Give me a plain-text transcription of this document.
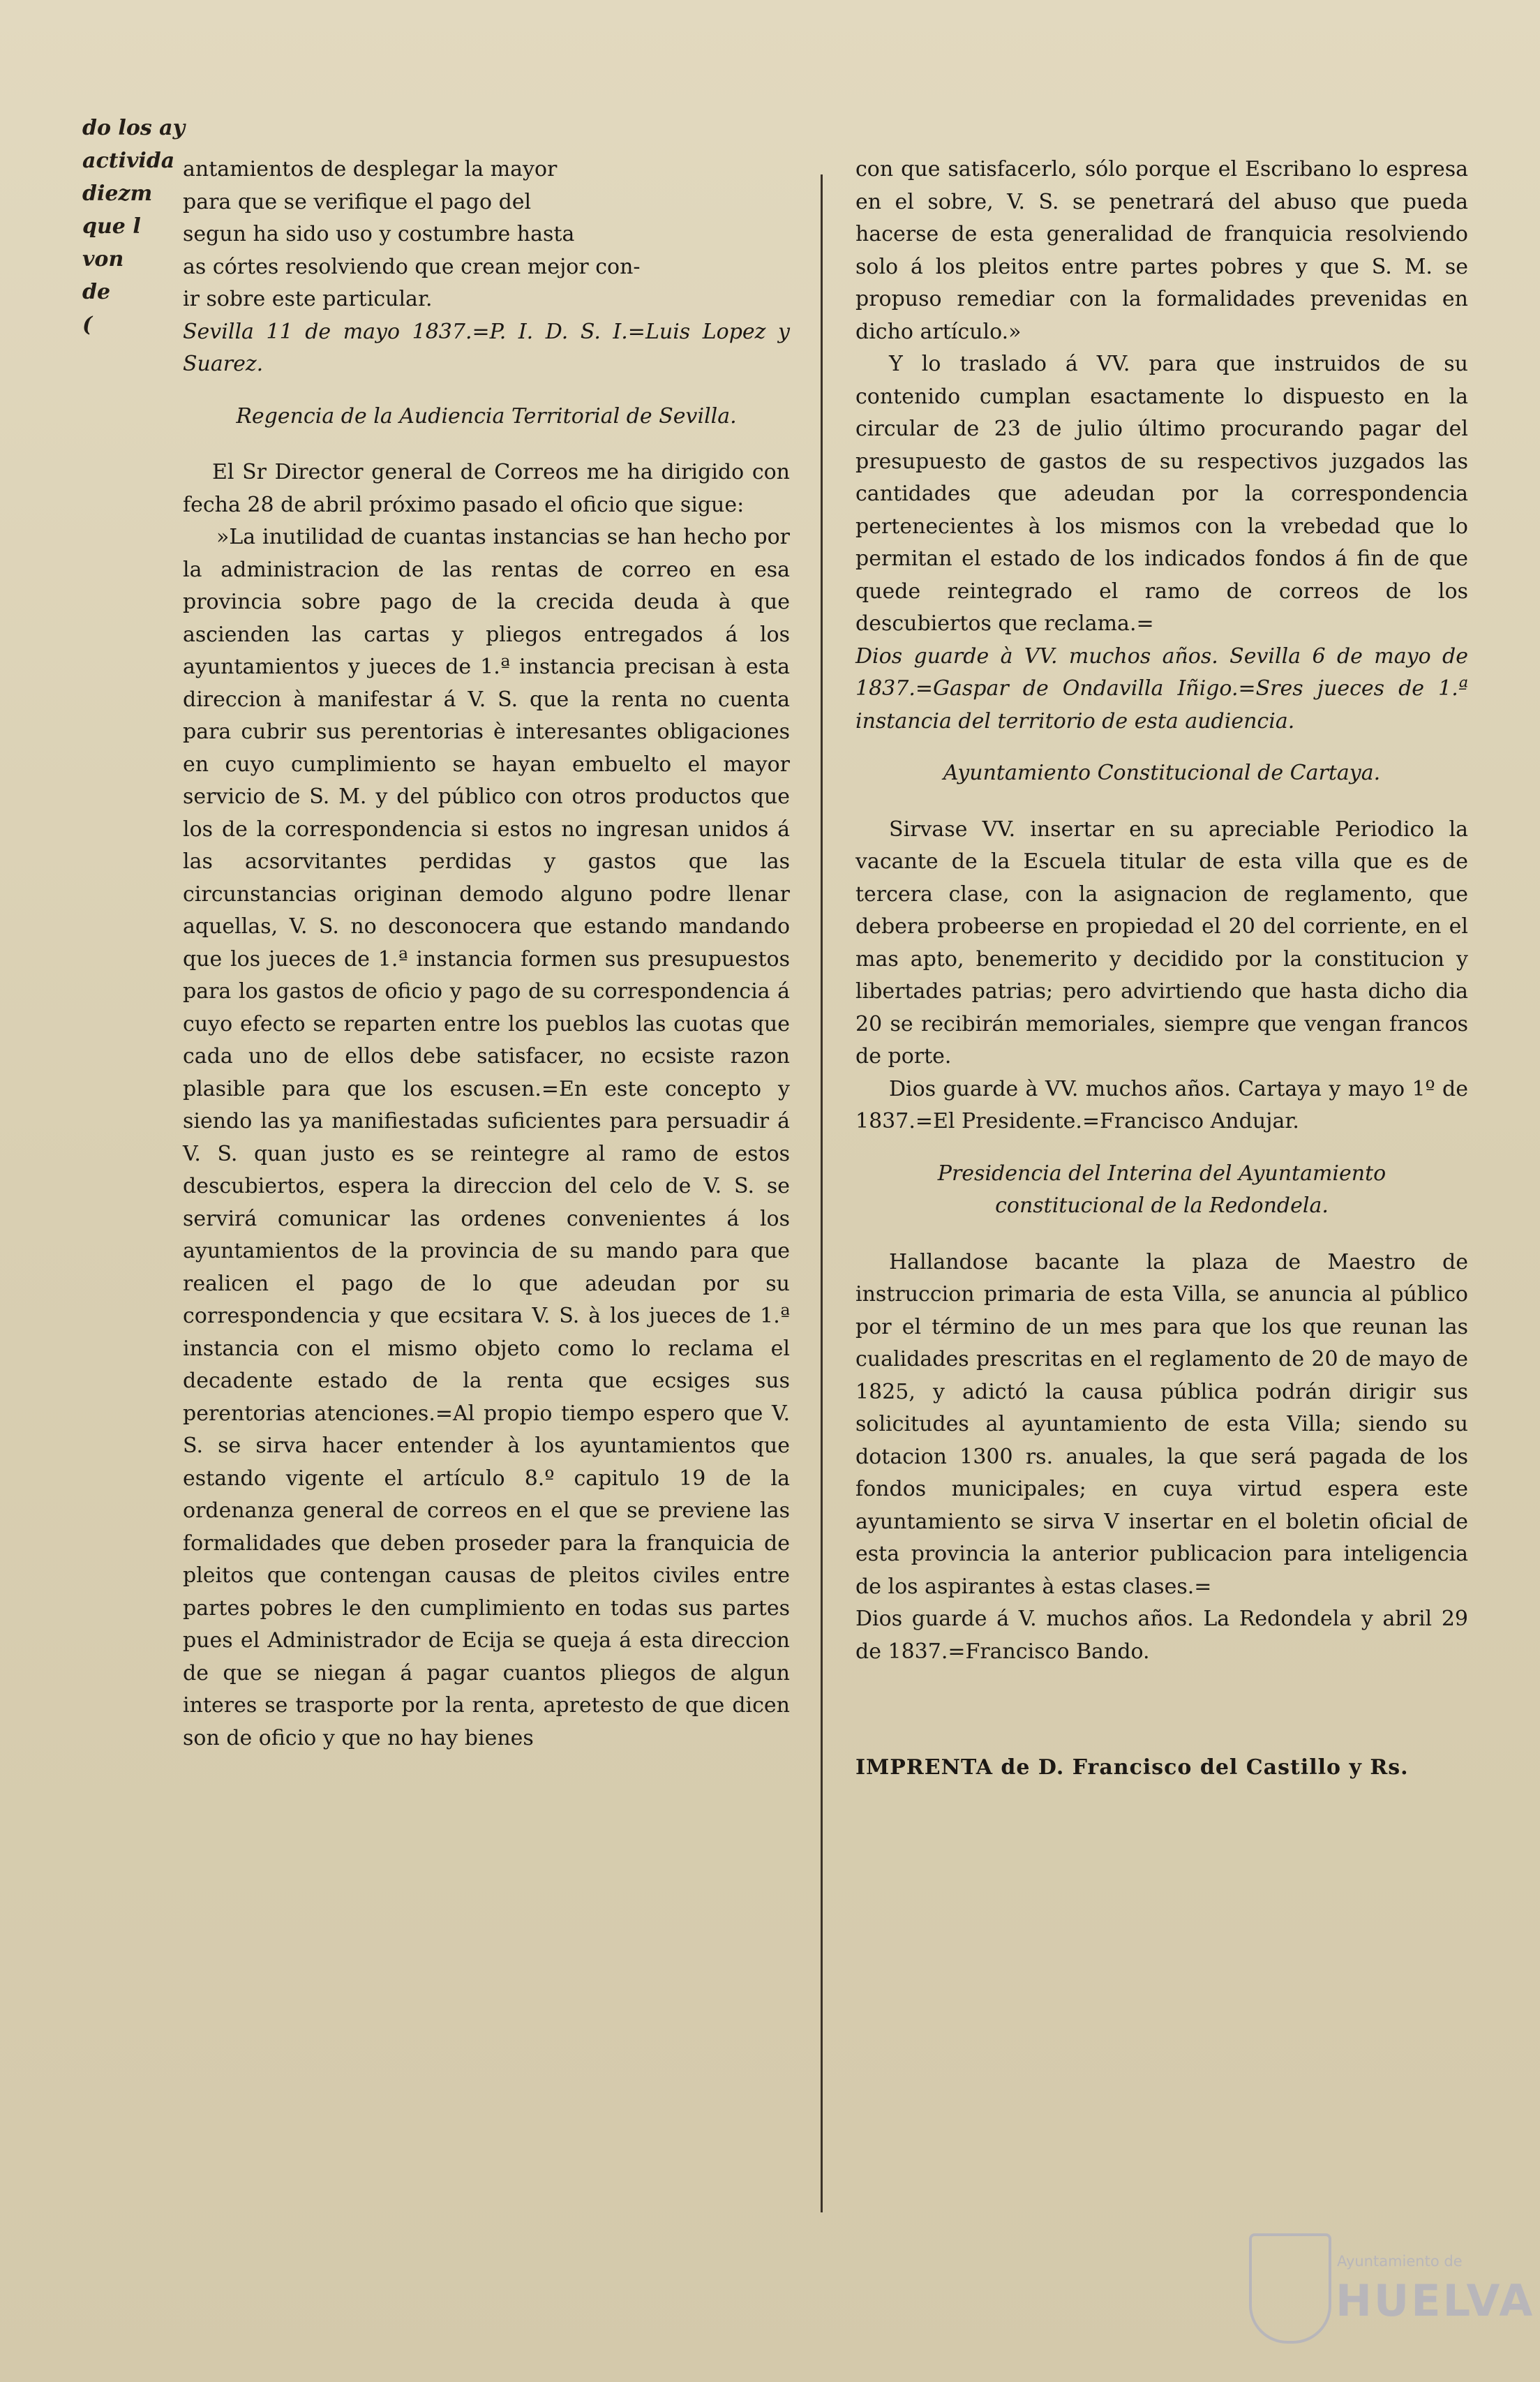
do los ay
activida
diezm
que l
von
de
(

antamientos de desplegar la mayor

para que se verifique el pago del

segun ha sido uso y costumbre hasta

as córtes resolviendo que crean mejor con-

ir sobre este particular.

Sevilla 11 de mayo 1837.=P. I. D. S. I.=Luis Lopez y Suarez.

Regencia de la Audiencia Territorial de Sevilla.

El Sr Director general de Correos me ha dirigido con fecha 28 de abril próximo pasado el oficio que sigue:

»La inutilidad de cuantas instancias se han hecho por la administracion de las rentas de correo en esa provincia sobre pago de la crecida deuda à que ascienden las cartas y pliegos entregados á los ayuntamientos y jueces de 1.ª instancia precisan à esta direccion à manifestar á V. S. que la renta no cuenta para cubrir sus perentorias è interesantes obligaciones en cuyo cumplimiento se hayan embuelto el mayor servicio de S. M. y del público con otros productos que los de la correspondencia si estos no ingresan unidos á las acsorvitantes perdidas y gastos que las circunstancias originan demodo alguno podre llenar aquellas, V. S. no desconocera que estando mandando que los jueces de 1.ª instancia formen sus presupuestos para los gastos de oficio y pago de su correspondencia á cuyo efecto se reparten entre los pueblos las cuotas que cada uno de ellos debe satisfacer, no ecsiste razon plasible para que los escusen.=En este concepto y siendo las ya manifiestadas suficientes para persuadir á V. S. quan justo es se reintegre al ramo de estos descubiertos, espera la direccion del celo de V. S. se servirá comunicar las ordenes convenientes á los ayuntamientos de la provincia de su mando para que realicen el pago de lo que adeudan por su correspondencia y que ecsitara V. S. à los jueces de 1.ª instancia con el mismo objeto como lo reclama el decadente estado de la renta que ecsiges sus perentorias atenciones.=Al propio tiempo espero que V. S. se sirva hacer entender à los ayuntamientos que estando vigente el artículo 8.º capitulo 19 de la ordenanza general de correos en el que se previene las formalidades que deben proseder para la franquicia de pleitos que contengan causas de pleitos civiles entre partes pobres le den cumplimiento en todas sus partes pues el Administrador de Ecija se queja á esta direccion de que se niegan á pagar cuantos pliegos de algun interes se trasporte por la renta, apretesto de que dicen son de oficio y que no hay bienes

con que satisfacerlo, sólo porque el Escribano lo espresa en el sobre, V. S. se penetrará del abuso que pueda hacerse de esta generalidad de franquicia resolviendo solo á los pleitos entre partes pobres y que S. M. se propuso remediar con la formalidades prevenidas en dicho artículo.»

Y lo traslado á VV. para que instruidos de su contenido cumplan esactamente lo dispuesto en la circular de 23 de julio último procurando pagar del presupuesto de gastos de su respectivos juzgados las cantidades que adeudan por la correspondencia pertenecientes à los mismos con la vrebedad que lo permitan el estado de los indicados fondos á fin de que quede reintegrado el ramo de correos de los descubiertos que reclama.=

Dios guarde à VV. muchos años. Sevilla 6 de mayo de 1837.=Gaspar de Ondavilla Iñigo.=Sres jueces de 1.ª instancia del territorio de esta audiencia.

Ayuntamiento Constitucional de Cartaya.

Sirvase VV. insertar en su apreciable Periodico la vacante de la Escuela titular de esta villa que es de tercera clase, con la asignacion de reglamento, que debera probeerse en propiedad el 20 del corriente, en el mas apto, benemerito y decidido por la constitucion y libertades patrias; pero advirtiendo que hasta dicho dia 20 se recibirán memoriales, siempre que vengan francos de porte.

Dios guarde à VV. muchos años. Cartaya y mayo 1º de 1837.=El Presidente.=Francisco Andujar.

Presidencia del Interina del Ayuntamiento constitucional de la Redondela.

Hallandose bacante la plaza de Maestro de instruccion primaria de esta Villa, se anuncia al público por el término de un mes para que los que reunan las cualidades prescritas en el reglamento de 20 de mayo de 1825, y adictó la causa pública podrán dirigir sus solicitudes al ayuntamiento de esta Villa; siendo su dotacion 1300 rs. anuales, la que será pagada de los fondos municipales; en cuya virtud espera este ayuntamiento se sirva V insertar en el boletin oficial de esta provincia la anterior publicacion para inteligencia de los aspirantes à estas clases.=

Dios guarde á V. muchos años. La Redondela y abril 29 de 1837.=Francisco Bando.

IMPRENTA de D. Francisco del Castillo y Rs.

Ayuntamiento de
HUELVA
